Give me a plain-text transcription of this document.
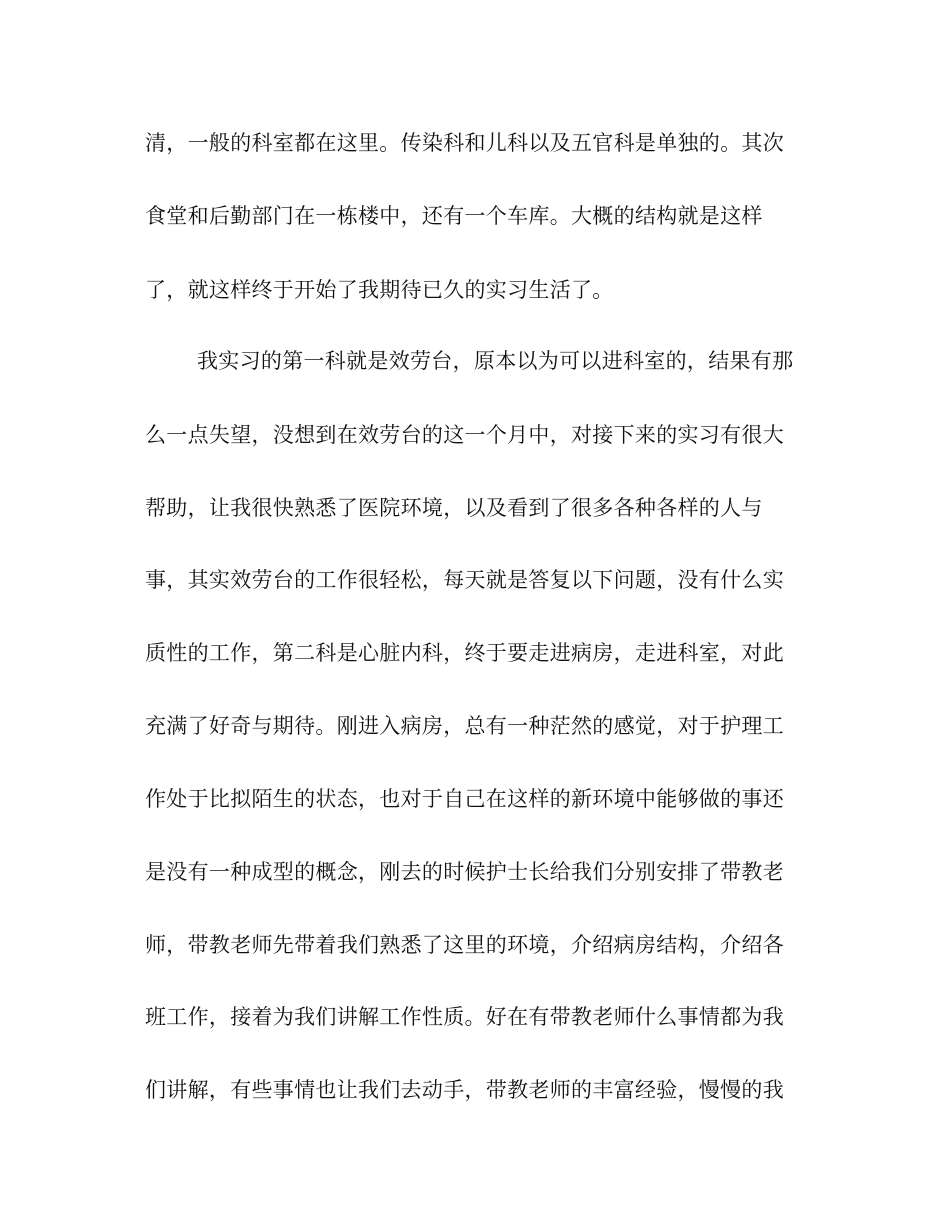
清，一般的科室都在这里。传染科和儿科以及五官科是单独的。其次

食堂和后勤部门在一栋楼中，还有一个车库。大概的结构就是这样

了，就这样终于开始了我期待已久的实习生活了。

我实习的第一科就是效劳台，原本以为可以进科室的，结果有那

么一点失望，没想到在效劳台的这一个月中，对接下来的实习有很大

帮助，让我很快熟悉了医院环境，以及看到了很多各种各样的人与

事，其实效劳台的工作很轻松，每天就是答复以下问题，没有什么实

质性的工作，第二科是心脏内科，终于要走进病房，走进科室，对此

充满了好奇与期待。刚进入病房，总有一种茫然的感觉，对于护理工

作处于比拟陌生的状态，也对于自己在这样的新环境中能够做的事还

是没有一种成型的概念，刚去的时候护士长给我们分别安排了带教老

师，带教老师先带着我们熟悉了这里的环境，介绍病房结构，介绍各

班工作，接着为我们讲解工作性质。好在有带教老师什么事情都为我

们讲解，有些事情也让我们去动手，带教老师的丰富经验，慢慢的我
